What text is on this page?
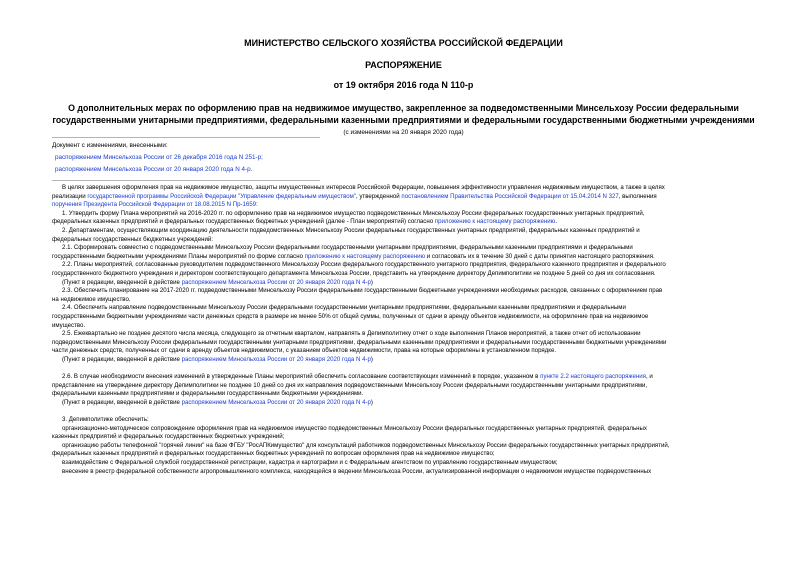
МИНИСТЕРСТВО СЕЛЬСКОГО ХОЗЯЙСТВА РОССИЙСКОЙ ФЕДЕРАЦИИ
РАСПОРЯЖЕНИЕ
от 19 октября 2016 года N 110-р
О дополнительных мерах по оформлению прав на недвижимое имущество, закрепленное за подведомственными Минсельхозу России федеральными
государственными унитарными предприятиями, федеральными казенными предприятиями и федеральными государственными бюджетными учреждениями
(с изменениями на 20 января 2020 года)
Документ с изменениями, внесенными:
распоряжением Минсельхоза России от 26 декабря 2016 года N 251-р;
распоряжением Минсельхоза России от 20 января 2020 года N 4-р.
В целях завершения оформления прав на недвижимое имущество, защиты имущественных интересов Российской Федерации, повышения эффективности управления недвижимым имуществом, а также в целях
реализации государственной программы Российской Федерации "Управление федеральным имуществом", утвержденной постановлением Правительства Российской Федерации от 15.04.2014 N 327, выполнения
поручения Президента Российской Федерации от 18.08.2015 N Пр-1659:
1. Утвердить форму Плана мероприятий на 2016-2020 гг. по оформлению прав на недвижимое имущество подведомственных Минсельхозу России федеральных государственных унитарных предприятий,
федеральных казенных предприятий и федеральных государственных бюджетных учреждений (далее - План мероприятий) согласно приложению к настоящему распоряжению.
2. Департаментам, осуществляющим координацию деятельности подведомственных Минсельхозу России федеральных государственных унитарных предприятий, федеральных казенных предприятий и
федеральных государственных бюджетных учреждений:
2.1. Сформировать совместно с подведомственными Минсельхозу России федеральными государственными унитарными предприятиями, федеральными казенными предприятиями и федеральными
государственными бюджетными учреждениями Планы мероприятий по форме согласно приложению к настоящему распоряжению и согласовать их в течение 30 дней с даты принятия настоящего распоряжения.
2.2. Планы мероприятий, согласованные руководителем подведомственного Минсельхозу России федерального государственного унитарного предприятия, федерального казенного предприятия и федерального
государственного бюджетного учреждения и директором соответствующего департамента Минсельхоза России, представить на утверждение директору Депимполитики не позднее 5 дней со дня их согласования.
(Пункт в редакции, введенной в действие распоряжением Минсельхоза России от 20 января 2020 года N 4-р)
2.3. Обеспечить планирование на 2017-2020 гг. подведомственными Минсельхозу России федеральными государственными бюджетными учреждениями необходимых расходов, связанных с оформлением прав
на недвижимое имущество.
2.4. Обеспечить направление подведомственными Минсельхозу России федеральными государственными унитарными предприятиями, федеральными казенными предприятиями и федеральными
государственными бюджетными учреждениями части денежных средств в размере не менее 50% от общей суммы, полученных от сдачи в аренду объектов недвижимости, на оформление прав на недвижимое
имущество.
2.5. Ежеквартально не позднее десятого числа месяца, следующего за отчетным кварталом, направлять в Депимполитику отчет о ходе выполнения Планов мероприятий, а также отчет об использовании
подведомственными Минсельхозу России федеральными государственными унитарными предприятиями, федеральными казенными предприятиями и федеральными государственными бюджетными учреждениями
части денежных средств, полученных от сдачи в аренду объектов недвижимости, с указанием объектов недвижимости, права на которые оформлены в установленном порядке.
(Пункт в редакции, введенной в действие распоряжением Минсельхоза России от 20 января 2020 года N 4-р)
2.6. В случае необходимости внесения изменений в утвержденные Планы мероприятий обеспечить согласование соответствующих изменений в порядке, указанном в пункте 2.2 настоящего распоряжения, и
представление на утверждение директору Депимполитики не позднее 10 дней со дня их направления подведомственными Минсельхозу России федеральными государственными унитарными предприятиями,
федеральными казенными предприятиями и федеральными государственными бюджетными учреждениями.
(Пункт в редакции, введенной в действие распоряжением Минсельхоза России от 20 января 2020 года N 4-р)
3. Депимполитике обеспечить:
организационно-методическое сопровождение оформления прав на недвижимое имущество подведомственных Минсельхозу России федеральных государственных унитарных предприятий, федеральных
казенных предприятий и федеральных государственных бюджетных учреждений;
организацию работы телефонной "горячей линии" на базе ФГБУ "РосАПКимущество" для консультаций работников подведомственных Минсельхозу России федеральных государственных унитарных предприятий,
федеральных казенных предприятий и федеральных государственных бюджетных учреждений по вопросам оформления прав на недвижимое имущество;
взаимодействие с Федеральной службой государственной регистрации, кадастра и картографии и с Федеральным агентством по управлению государственным имуществом;
внесение в реестр федеральной собственности агропромышленного комплекса, находящейся в ведении Минсельхоза России, актуализированной информации о недвижимом имуществе подведомственных
